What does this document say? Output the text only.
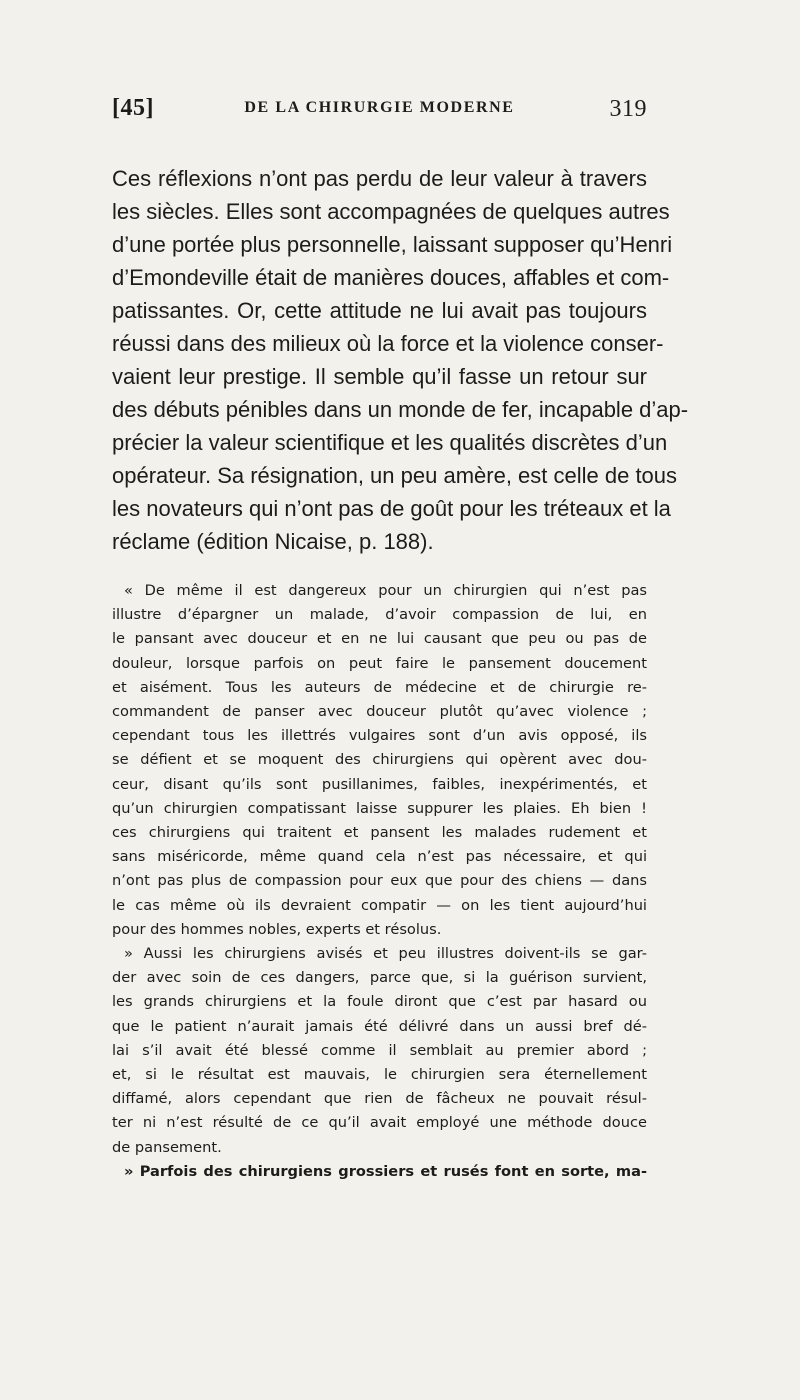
[45]	DE LA CHIRURGIE MODERNE	319
Ces réflexions n’ont pas perdu de leur valeur à travers
les siècles. Elles sont accompagnées de quelques autres
d’une portée plus personnelle, laissant supposer qu’Henri
d’Emondeville était de manières douces, affables et com-
patissantes. Or, cette attitude ne lui avait pas toujours
réussi dans des milieux où la force et la violence conser-
vaient leur prestige. Il semble qu’il fasse un retour sur
des débuts pénibles dans un monde de fer, incapable d’ap-
précier la valeur scientifique et les qualités discrètes d’un
opérateur. Sa résignation, un peu amère, est celle de tous
les novateurs qui n’ont pas de goût pour les tréteaux et la
réclame (édition Nicaise, p. 188).
« De même il est dangereux pour un chirurgien qui n’est pas
illustre d’épargner un malade, d’avoir compassion de lui, en
le pansant avec douceur et en ne lui causant que peu ou pas de
douleur, lorsque parfois on peut faire le pansement doucement
et aisément. Tous les auteurs de médecine et de chirurgie re-
commandent de panser avec douceur plutôt qu’avec violence ;
cependant tous les illettrés vulgaires sont d’un avis opposé, ils
se défient et se moquent des chirurgiens qui opèrent avec dou-
ceur, disant qu’ils sont pusillanimes, faibles, inexpérimentés, et
qu’un chirurgien compatissant laisse suppurer les plaies. Eh bien !
ces chirurgiens qui traitent et pansent les malades rudement et
sans miséricorde, même quand cela n’est pas nécessaire, et qui
n’ont pas plus de compassion pour eux que pour des chiens — dans
le cas même où ils devraient compatir — on les tient aujourd’hui
pour des hommes nobles, experts et résolus.
» Aussi les chirurgiens avisés et peu illustres doivent-ils se gar-
der avec soin de ces dangers, parce que, si la guérison survient,
les grands chirurgiens et la foule diront que c’est par hasard ou
que le patient n’aurait jamais été délivré dans un aussi bref dé-
lai s’il avait été blessé comme il semblait au premier abord ;
et, si le résultat est mauvais, le chirurgien sera éternellement
diffamé, alors cependant que rien de fâcheux ne pouvait résul-
ter ni n’est résulté de ce qu’il avait employé une méthode douce
de pansement.
» Parfois des chirurgiens grossiers et rusés font en sorte, ma-
